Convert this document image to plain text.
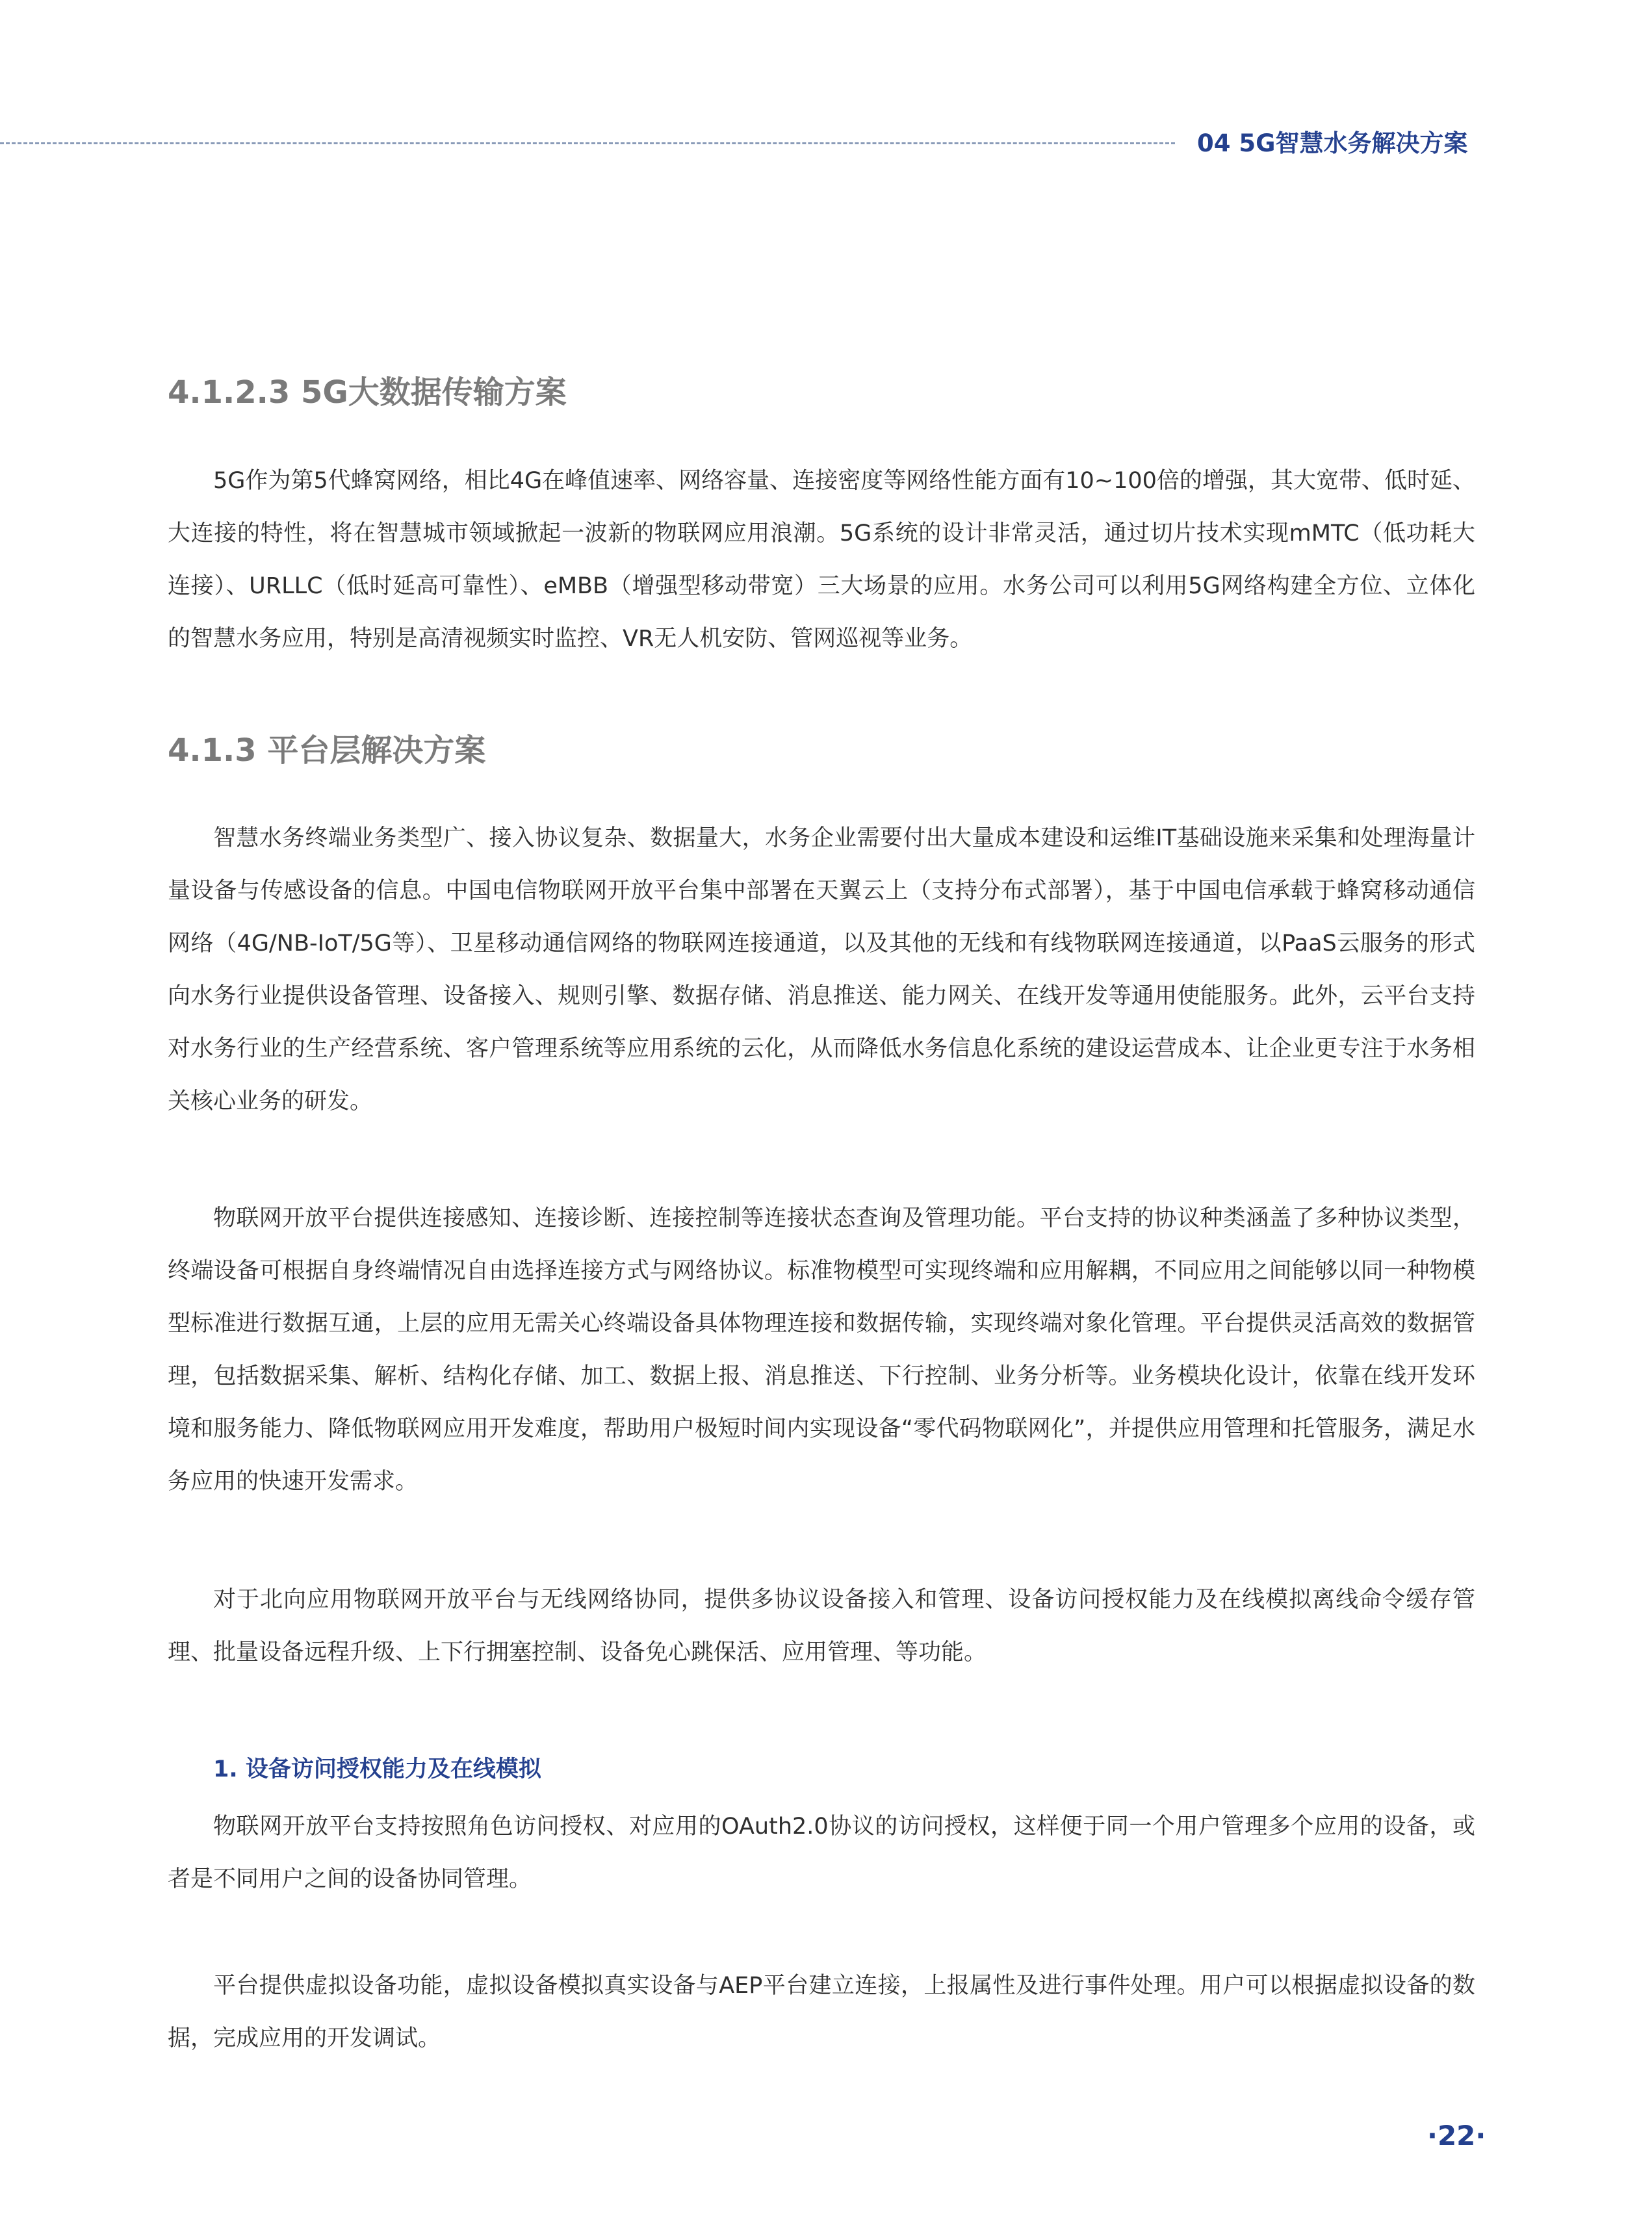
04 5G智慧水务解决方案
4.1.2.3 5G大数据传输方案
5G作为第5代蜂窝网络，相比4G在峰值速率、网络容量、连接密度等网络性能方面有10~100倍的增强，其大宽带、低时延、大连接的特性，将在智慧城市领域掀起一波新的物联网应用浪潮。5G系统的设计非常灵活，通过切片技术实现mMTC（低功耗大连接）、URLLC（低时延高可靠性）、eMBB（增强型移动带宽）三大场景的应用。水务公司可以利用5G网络构建全方位、立体化的智慧水务应用，特别是高清视频实时监控、VR无人机安防、管网巡视等业务。
4.1.3 平台层解决方案
智慧水务终端业务类型广、接入协议复杂、数据量大，水务企业需要付出大量成本建设和运维IT基础设施来采集和处理海量计量设备与传感设备的信息。中国电信物联网开放平台集中部署在天翼云上（支持分布式部署），基于中国电信承载于蜂窝移动通信网络（4G/NB-IoT/5G等）、卫星移动通信网络的物联网连接通道，以及其他的无线和有线物联网连接通道，以PaaS云服务的形式向水务行业提供设备管理、设备接入、规则引擎、数据存储、消息推送、能力网关、在线开发等通用使能服务。此外，云平台支持对水务行业的生产经营系统、客户管理系统等应用系统的云化，从而降低水务信息化系统的建设运营成本、让企业更专注于水务相关核心业务的研发。
物联网开放平台提供连接感知、连接诊断、连接控制等连接状态查询及管理功能。平台支持的协议种类涵盖了多种协议类型，终端设备可根据自身终端情况自由选择连接方式与网络协议。标准物模型可实现终端和应用解耦，不同应用之间能够以同一种物模型标准进行数据互通，上层的应用无需关心终端设备具体物理连接和数据传输，实现终端对象化管理。平台提供灵活高效的数据管理，包括数据采集、解析、结构化存储、加工、数据上报、消息推送、下行控制、业务分析等。业务模块化设计，依靠在线开发环境和服务能力、降低物联网应用开发难度，帮助用户极短时间内实现设备“零代码物联网化”，并提供应用管理和托管服务，满足水务应用的快速开发需求。
对于北向应用物联网开放平台与无线网络协同，提供多协议设备接入和管理、设备访问授权能力及在线模拟离线命令缓存管理、批量设备远程升级、上下行拥塞控制、设备免心跳保活、应用管理、等功能。
1. 设备访问授权能力及在线模拟
物联网开放平台支持按照角色访问授权、对应用的OAuth2.0协议的访问授权，这样便于同一个用户管理多个应用的设备，或者是不同用户之间的设备协同管理。
平台提供虚拟设备功能，虚拟设备模拟真实设备与AEP平台建立连接，上报属性及进行事件处理。用户可以根据虚拟设备的数据，完成应用的开发调试。
·22·
